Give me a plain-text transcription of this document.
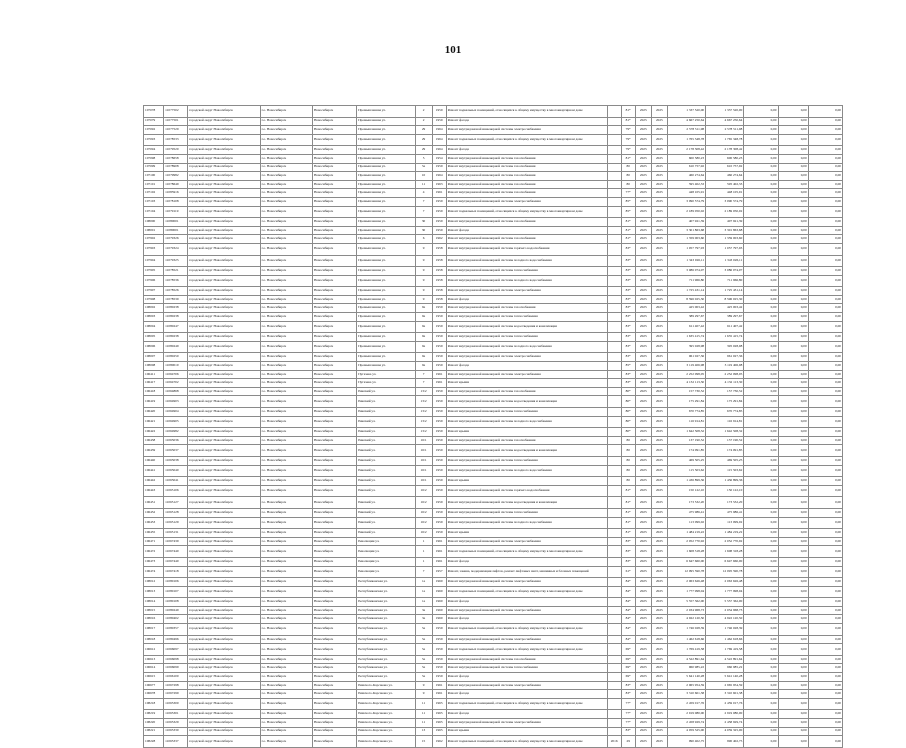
101
107078	11077502	городской округ Новосибирск	г.о. Новосибирск	Новосибирск	Промышленная ул.	2	1959	Ремонт подвальных помещений, относящихся к общему имуществу в многоквартирном доме		81*	2025	2025	1 337 520,00	1 337 520,00	0,00	0,00	0,00
107079	11077501	городской округ Новосибирск	г.о. Новосибирск	Новосибирск	Промышленная ул.	2	1959	Ремонт фасада		81*	2025	2025	4 667 250,64	4 667 250,64	0,00	0,00	0,00
107092	11077529	городской округ Новосибирск	г.о. Новосибирск	Новосибирск	Промышленная ул.	29	1964	Ремонт внутридомовой инженерной системы электроснабжения		79*	2025	2025	2 578 511,98	2 578 511,98	0,00	0,00	0,00
107093	11078533	городской округ Новосибирск	г.о. Новосибирск	Новосибирск	Промышленная ул.	29	1964	Ремонт подвальных помещений, относящихся к общему имуществу в многоквартирном доме		79*	2025	2025	1 765 348,78	1 765 348,78	0,00	0,00	0,00
107094	11079520	городской округ Новосибирск	г.о. Новосибирск	Новосибирск	Промышленная ул.	29	1964	Ремонт фасада		79*	2025	2025	2 178 308,42	2 178 308,42	0,00	0,00	0,00
107098	11078658	городской округ Новосибирск	г.о. Новосибирск	Новосибирск	Промышленная ул.	5	1954	Ремонт внутридомовой инженерной системы газоснабжения		81*	2025	2025	600 580,23	600 580,23	0,00	0,00	0,00
107099	11078908	городской округ Новосибирск	г.о. Новосибирск	Новосибирск	Промышленная ул.	5а	1959	Ремонт внутридомовой инженерной системы газоснабжения		80	2025	2025	610 757,92	610 757,92	0,00	0,00	0,00
107100	11079982	городской округ Новосибирск	г.о. Новосибирск	Новосибирск	Промышленная ул.	10	1964	Ремонт внутридомовой инженерной системы газоснабжения		80	2025	2025	460 274,64	460 274,64	0,00	0,00	0,00
107101	11078649	городской округ Новосибирск	г.о. Новосибирск	Новосибирск	Промышленная ул.	11	1963	Ремонт внутридомовой инженерной системы газоснабжения		80	2025	2025	595 402,33	595 402,33	0,00	0,00	0,00
107102	11085916	городской округ Новосибирск	г.о. Новосибирск	Новосибирск	Промышленная ул.	4	1961	Ремонт внутридомовой инженерной системы газоснабжения		77*	2025	2025	448 105,91	448 105,91	0,00	0,00	0,00
107103	11078108	городской округ Новосибирск	г.о. Новосибирск	Новосибирск	Промышленная ул.	7	1959	Ремонт внутридомовой инженерной системы электроснабжения		85*	2025	2025	3 090 574,79	3 090 574,79	0,00	0,00	0,00
107104	11079119	городской округ Новосибирск	г.о. Новосибирск	Новосибирск	Промышленная ул.	7	1959	Ремонт подвальных помещений, относящихся к общему имуществу в многоквартирном доме		85*	2025	2025	2 189 050,02	2 189 050,02	0,00	0,00	0,00
108000	11080001	городской округ Новосибирск	г.о. Новосибирск	Новосибирск	Промышленная ул.	30	1959	Ремонт внутридомовой инженерной системы газоснабжения		81*	2025	2025	407 921,39	407 921,39	0,00	0,00	0,00
108001	11080001	городской округ Новосибирск	г.о. Новосибирск	Новосибирск	Промышленная ул.	30	1959	Ремонт фасада		81*	2025	2025	3 301 863,68	3 301 863,68	0,00	0,00	0,00
107902	11079326	городской округ Новосибирск	г.о. Новосибирск	Новосибирск	Промышленная ул.	6	1962	Ремонт внутридомовой инженерной системы газоснабжения		81*	2025	2025	1 359 003,60	1 359 003,60	0,00	0,00	0,00
107903	11079324	городской округ Новосибирск	г.о. Новосибирск	Новосибирск	Промышленная ул.	9	1958	Ремонт внутридомовой инженерной системы горячего водоснабжения		83*	2025	2025	1 057 797,93	1 057 797,93	0,00	0,00	0,00
107904	11079325	городской округ Новосибирск	г.о. Новосибирск	Новосибирск	Промышленная ул.	9	1958	Ремонт внутридомовой инженерной системы холодного водоснабжения		83*	2025	2025	1 343 026,11	1 343 026,11	0,00	0,00	0,00
107905	11078521	городской округ Новосибирск	г.о. Новосибирск	Новосибирск	Промышленная ул.	9	1958	Ремонт внутридомовой инженерной системы теплоснабжения		83*	2025	2025	3 086 074,07	3 086 074,07	0,00	0,00	0,00
107906	11078536	городской округ Новосибирск	г.о. Новосибирск	Новосибирск	Промышленная ул.	9	1958	Ремонт внутридомовой инженерной системы холодного водоснабжения		83*	2025	2025	711 966,80	711 966,80	0,00	0,00	0,00
107907	11078526	городской округ Новосибирск	г.о. Новосибирск	Новосибирск	Промышленная ул.	9	1958	Ремонт внутридомовой инженерной системы электроснабжения		83*	2025	2025	1 725 431,14	1 725 431,14	0,00	0,00	0,00
107908	11078539	городской округ Новосибирск	г.о. Новосибирск	Новосибирск	Промышленная ул.	9	1958	Ремонт фасада		83*	2025	2025	8 596 025,30	8 596 025,30	0,00	0,00	0,00
108002	11080238	городской округ Новосибирск	г.о. Новосибирск	Новосибирск	Промышленная ул.	9а	1959	Ремонт внутридомовой инженерной системы газоснабжения		83*	2025	2025	425 003,42	425 003,42	0,00	0,00	0,00
108003	11080238	городской округ Новосибирск	г.о. Новосибирск	Новосибирск	Промышленная ул.	9а	1959	Ремонт внутридомовой инженерной системы теплоснабжения		83*	2025	2025	389 297,67	389 297,67	0,00	0,00	0,00
108004	11080247	городской округ Новосибирск	г.о. Новосибирск	Новосибирск	Промышленная ул.	9а	1959	Ремонт внутридомовой инженерной системы водоотведения и канализации		83*	2025	2025	611 407,42	611 407,42	0,00	0,00	0,00
108005	11080238	городской округ Новосибирск	г.о. Новосибирск	Новосибирск	Промышленная ул.	9а	1959	Ремонт внутридомовой инженерной системы теплоснабжения		83*	2025	2025	1 635 415,74	1 635 415,74	0,00	0,00	0,00
108006	11080249	городской округ Новосибирск	г.о. Новосибирск	Новосибирск	Промышленная ул.	9а	1959	Ремонт внутридомовой инженерной системы холодного водоснабжения		83*	2025	2025	395 028,98	395 028,98	0,00	0,00	0,00
108007	11080250	городской округ Новосибирск	г.о. Новосибирск	Новосибирск	Промышленная ул.	9а	1959	Ремонт внутридомовой инженерной системы электроснабжения		83*	2025	2025	961 027,36	961 027,36	0,00	0,00	0,00
108008	11080010	городской округ Новосибирск	г.о. Новосибирск	Новосибирск	Промышленная ул.	9а	1959	Ремонт фасада		85*	2025	2025	3 119 406,98	3 119 406,98	0,00	0,00	0,00
106411	11064706	городской округ Новосибирск	г.о. Новосибирск	Новосибирск	Пугачева ул.	7	1961	Ремонт внутридомовой инженерной системы электроснабжения		83*	2025	2025	2 252 098,05	2 252 098,05	0,00	0,00	0,00
106417	11064702	городской округ Новосибирск	г.о. Новосибирск	Новосибирск	Пугачева ул.	7	1961	Ремонт крыши		83*	2025	2025	4 132 113,30	4 132 113,30	0,00	0,00	0,00
106418	11064868	городской округ Новосибирск	г.о. Новосибирск	Новосибирск	Ряжский ул.	13/2	1959	Ремонт внутридомовой инженерной системы газоснабжения		80*	2025	2025	157 730,52	157 730,52	0,00	0,00	0,00
106419	11064903	городской округ Новосибирск	г.о. Новосибирск	Новосибирск	Ряжский ул.	13/2	1959	Ремонт внутридомовой инженерной системы водоотведения и канализации		80*	2025	2025	175 291,84	175 291,84	0,00	0,00	0,00
106420	11064904	городской округ Новосибирск	г.о. Новосибирск	Новосибирск	Ряжский ул.	13/2	1959	Ремонт внутридомовой инженерной системы теплоснабжения		80*	2025	2025	670 774,85	670 774,85	0,00	0,00	0,00
106421	11064905	городской округ Новосибирск	г.о. Новосибирск	Новосибирск	Ряжский ул.	13/2	1959	Ремонт внутридомовой инженерной системы холодного водоснабжения		80*	2025	2025	116 914,81	116 914,81	0,00	0,00	0,00
106422	11064982	городской округ Новосибирск	г.о. Новосибирск	Новосибирск	Ряжский ул.	13/2	1959	Ремонт крыши		80*	2025	2025	1 642 508,32	1 642 508,32	0,00	0,00	0,00
106438	11065036	городской округ Новосибирск	г.о. Новосибирск	Новосибирск	Ряжский ул.	16/1	1959	Ремонт внутридомовой инженерной системы газоснабжения		80	2025	2025	137 190,52	137 190,52	0,00	0,00	0,00
106439	11065037	городской округ Новосибирск	г.о. Новосибирск	Новосибирск	Ряжский ул.	16/1	1959	Ремонт внутридомовой инженерной системы водоотведения и канализации		80	2025	2025	174 091,85	174 091,85	0,00	0,00	0,00
106440	11065038	городской округ Новосибирск	г.о. Новосибирск	Новосибирск	Ряжский ул.	16/1	1959	Ремонт внутридомовой инженерной системы теплоснабжения		80	2025	2025	469 505,25	469 505,25	0,00	0,00	0,00
106441	11065040	городской округ Новосибирск	г.о. Новосибирск	Новосибирск	Ряжский ул.	16/1	1959	Ремонт внутридомовой инженерной системы холодного водоснабжения		80	2025	2025	115 503,62	115 503,62	0,00	0,00	0,00
106442	11065041	городской округ Новосибирск	г.о. Новосибирск	Новосибирск	Ряжский ул.	16/1	1959	Ремонт крыши		80	2025	2025	1 436 899,36	1 436 899,36	0,00	0,00	0,00
106443	11065106	городской округ Новосибирск	г.о. Новосибирск	Новосибирск	Ряжский ул.	16/2	1959	Ремонт внутридомовой инженерной системы горячего водоснабжения		81*	2025	2025	150 122,10	150 122,10	0,00	0,00	0,00
106451	11065127	городской округ Новосибирск	г.о. Новосибирск	Новосибирск	Ряжский ул.	16/2	1959	Ремонт внутридомовой инженерной системы водоотведения и канализации		81*	2025	2025	173 532,20	173 532,20	0,00	0,00	0,00
106452	11065128	городской округ Новосибирск	г.о. Новосибирск	Новосибирск	Ряжский ул.	16/2	1959	Ремонт внутридомовой инженерной системы теплоснабжения		81*	2025	2025	475 986,41	475 986,41	0,00	0,00	0,00
106453	11065129	городской округ Новосибирск	г.о. Новосибирск	Новосибирск	Ряжский ул.	16/2	1959	Ремонт внутридомовой инженерной системы холодного водоснабжения		81*	2025	2025	113 099,02	113 099,02	0,00	0,00	0,00
106455	11065131	городской округ Новосибирск	г.о. Новосибирск	Новосибирск	Ряжский ул.	16/2	1959	Ремонт крыши		81*	2025	2025	1 484 219,22	1 484 219,22	0,00	0,00	0,00
106471	11067439	городской округ Новосибирск	г.о. Новосибирск	Новосибирск	Революции ул.	1	1961	Ремонт внутридомовой инженерной системы электроснабжения		83*	2025	2025	2 052 770,92	2 052 770,92	0,00	0,00	0,00
106472	11067440	городской округ Новосибирск	г.о. Новосибирск	Новосибирск	Революции ул.	1	1961	Ремонт подвальных помещений, относящихся к общему имуществу в многоквартирном доме		83*	2025	2025	1 608 318,28	1 608 318,28	0,00	0,00	0,00
106473	11067440	городской округ Новосибирск	г.о. Новосибирск	Новосибирск	Революции ул.	1	1961	Ремонт фасада		83*	2025	2025	6 647 660,00	6 647 660,00	0,00	0,00	0,00
106474	11067418	городской округ Новосибирск	г.о. Новосибирск	Новосибирск	Революции ул.	7	1957	Ремонт, замена, модернизация лифтов, ремонт лифтовых шахт, машинных и блочных помещений		61*	2025	2025	12 095 590,78	12 095 590,78	0,00	0,00	0,00
108012	11080106	городской округ Новосибирск	г.о. Новосибирск	Новосибирск	Республиканская ул.	1а	1960	Ремонт внутридомовой инженерной системы электроснабжения		84*	2025	2025	2 063 626,48	2 063 626,48	0,00	0,00	0,00
108013	11080107	городской округ Новосибирск	г.о. Новосибирск	Новосибирск	Республиканская ул.	1а	1960	Ремонт подвальных помещений, относящихся к общему имуществу в многоквартирном доме		84*	2025	2025	1 777 998,04	1 777 998,04	0,00	0,00	0,00
108014	11080108	городской округ Новосибирск	г.о. Новосибирск	Новосибирск	Республиканская ул.	1а	1960	Ремонт фасада		84*	2025	2025	5 557 362,00	5 557 362,00	0,00	0,00	0,00
108015	11080249	городской округ Новосибирск	г.о. Новосибирск	Новосибирск	Республиканская ул.	3а	1960	Ремонт внутридомовой инженерной системы электроснабжения		84*	2025	2025	2 034 968,73	2 034 968,73	0,00	0,00	0,00
108016	11080402	городской округ Новосибирск	г.о. Новосибирск	Новосибирск	Республиканская ул.	3а	1960	Ремонт фасада		84*	2025	2025	4 922 120,50	4 922 120,50	0,00	0,00	0,00
108017	11080357	городской округ Новосибирск	г.о. Новосибирск	Новосибирск	Республиканская ул.	5а	1959	Ремонт подвальных помещений, относящихся к общему имуществу в многоквартирном доме		84*	2025	2025	1 746 028,39	1 746 028,39	0,00	0,00	0,00
108018	11080496	городской округ Новосибирск	г.о. Новосибирск	Новосибирск	Республиканская ул.	5а	1959	Ремонт внутридомовой инженерной системы электроснабжения		84*	2025	2025	1 462 618,66	1 462 618,66	0,00	0,00	0,00
106612	11066097	городской округ Новосибирск	г.о. Новосибирск	Новосибирск	Республиканская ул.	5а	1959	Ремонт подвальных помещений, относящихся к общему имуществу в многоквартирном доме		69*	2025	2025	1 769 419,58	1 769 419,58	0,00	0,00	0,00
106613	11066098	городской округ Новосибирск	г.о. Новосибирск	Новосибирск	Республиканская ул.	5а	1959	Ремонт внутридомовой инженерной системы газоснабжения		69*	2025	2025	4 522 891,64	4 522 891,64	0,00	0,00	0,00
106614	11066099	городской округ Новосибирск	г.о. Новосибирск	Новосибирск	Республиканская ул.	5а	1959	Ремонт внутридомовой инженерной системы теплоснабжения		69*	2025	2025	960 985,22	960 985,22	0,00	0,00	0,00
106615	11066100	городской округ Новосибирск	г.о. Новосибирск	Новосибирск	Республиканская ул.	5а	1959	Ремонт фасада		69*	2025	2025	5 641 140,28	5 641 140,28	0,00	0,00	0,00
106677	11067298	городской округ Новосибирск	г.о. Новосибирск	Новосибирск	Римского-Корсакова ул.	9	1961	Ремонт внутридомовой инженерной системы электроснабжения		83*	2025	2025	2 965 954,59	2 965 954,59	0,00	0,00	0,00
106678	11067299	городской округ Новосибирск	г.о. Новосибирск	Новосибирск	Римского-Корсакова ул.	9	1961	Ремонт фасада		83*	2025	2025	3 310 601,38	3 310 601,38	0,00	0,00	0,00
108218	11065300	городской округ Новосибирск	г.о. Новосибирск	Новосибирск	Римского-Корсакова ул.	11	1965	Ремонт подвальных помещений, относящихся к общему имуществу в многоквартирном доме		77*	2025	2025	2 459 017,76	2 459 017,76	0,00	0,00	0,00
108219	11065301	городской округ Новосибирск	г.о. Новосибирск	Новосибирск	Римского-Корсакова ул.	11	1965	Ремонт фасада		77*	2025	2025	2 919 080,00	2 919 080,00	0,00	0,00	0,00
108220	11065329	городской округ Новосибирск	г.о. Новосибирск	Новосибирск	Римского-Корсакова ул.	11	1965	Ремонт внутридомовой инженерной системы электроснабжения		77*	2025	2025	2 458 929,74	2 458 929,74	0,00	0,00	0,00
108221	11065330	городской округ Новосибирск	г.о. Новосибирск	Новосибирск	Римского-Корсакова ул.	13	1965	Ремонт крыши		83*	2025	2025	4 059 325,00	4 059 325,00	0,00	0,00	0,00
108228	11065337	городской округ Новосибирск	г.о. Новосибирск	Новосибирск	Римского-Корсакова ул.	15	1962	Ремонт подвальных помещений, относящихся к общему имуществу в многоквартирном доме	2016	29	2025	2025	990 402,75	990 402,75	0,00	0,00	0,00
